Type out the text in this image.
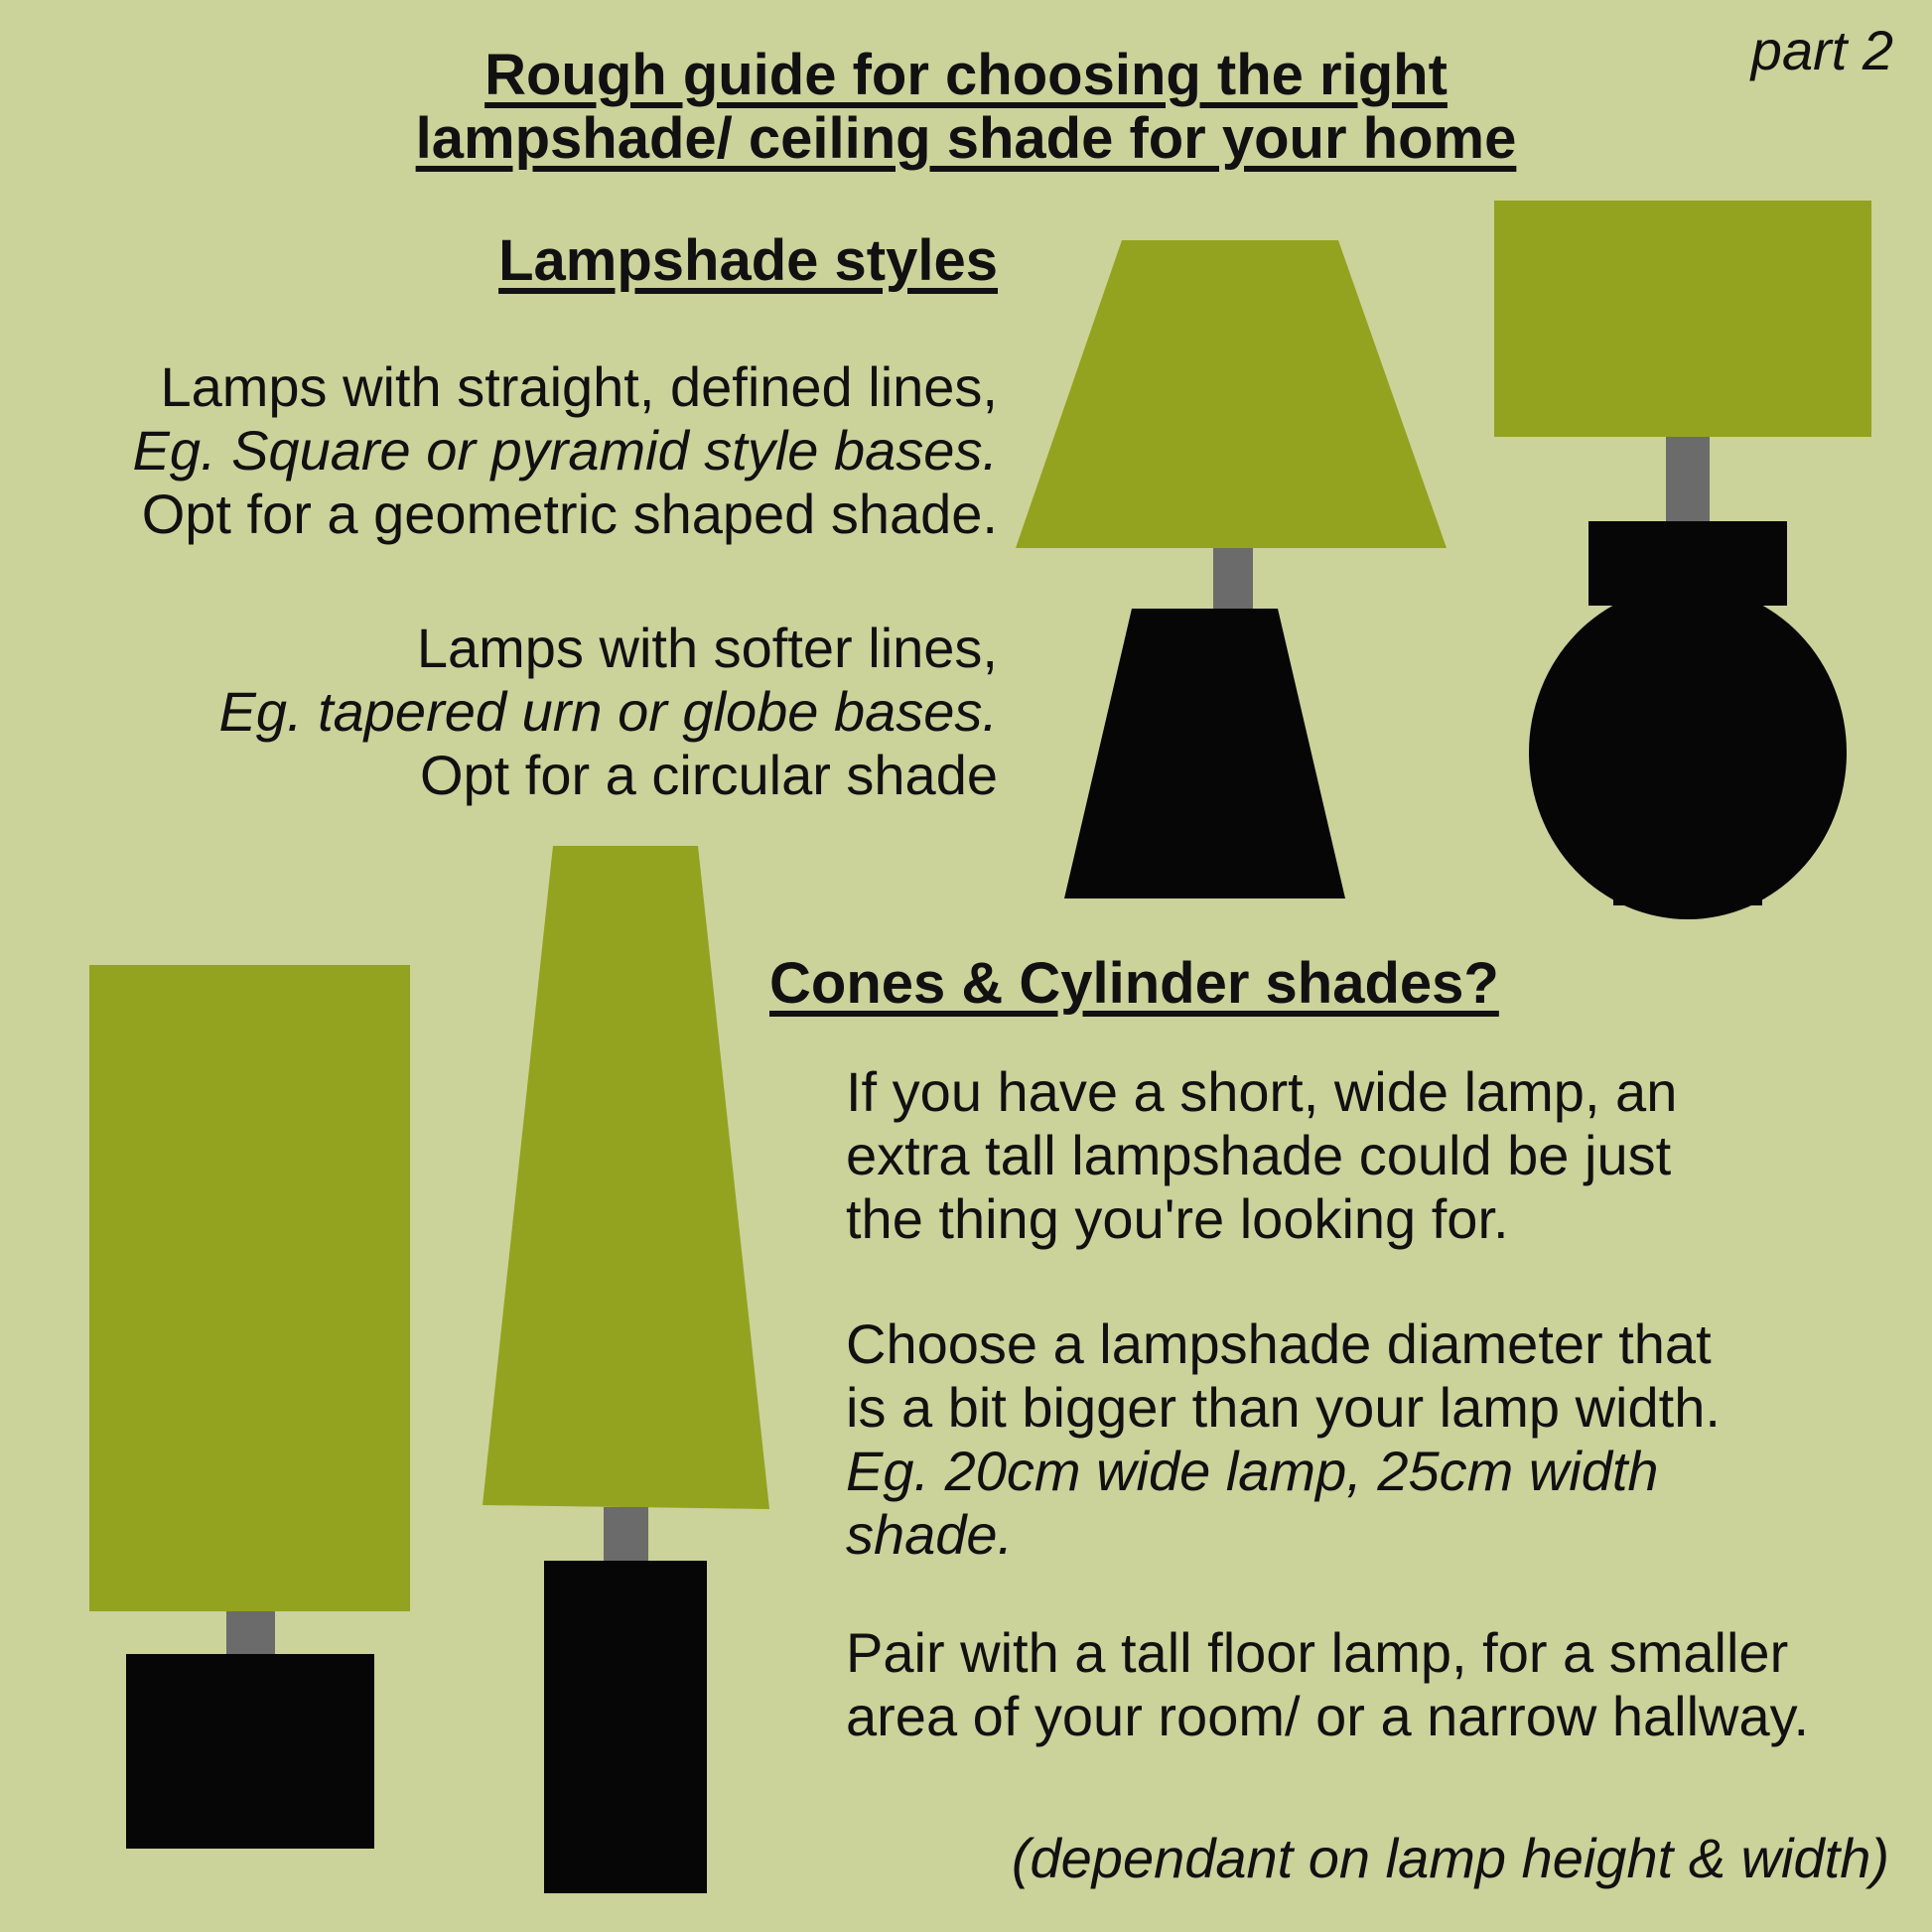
part 2
Rough guide for choosing the right
lampshade/ ceiling shade for your home
Lampshade styles
Lamps with straight, defined lines,
Eg. Square or pyramid style bases.
Opt for a geometric shaped shade.
Lamps with softer lines,
Eg. tapered urn or globe bases.
Opt for a circular shade
Cones & Cylinder shades?
If you have a short, wide lamp, an
extra tall lampshade could be just
the thing you're looking for.
Choose a lampshade diameter that
is a bit bigger than your lamp width.
Eg. 20cm wide lamp, 25cm width
shade.
Pair with a tall floor lamp, for a smaller
area of your room/ or a narrow hallway.
(dependant on lamp height & width)
